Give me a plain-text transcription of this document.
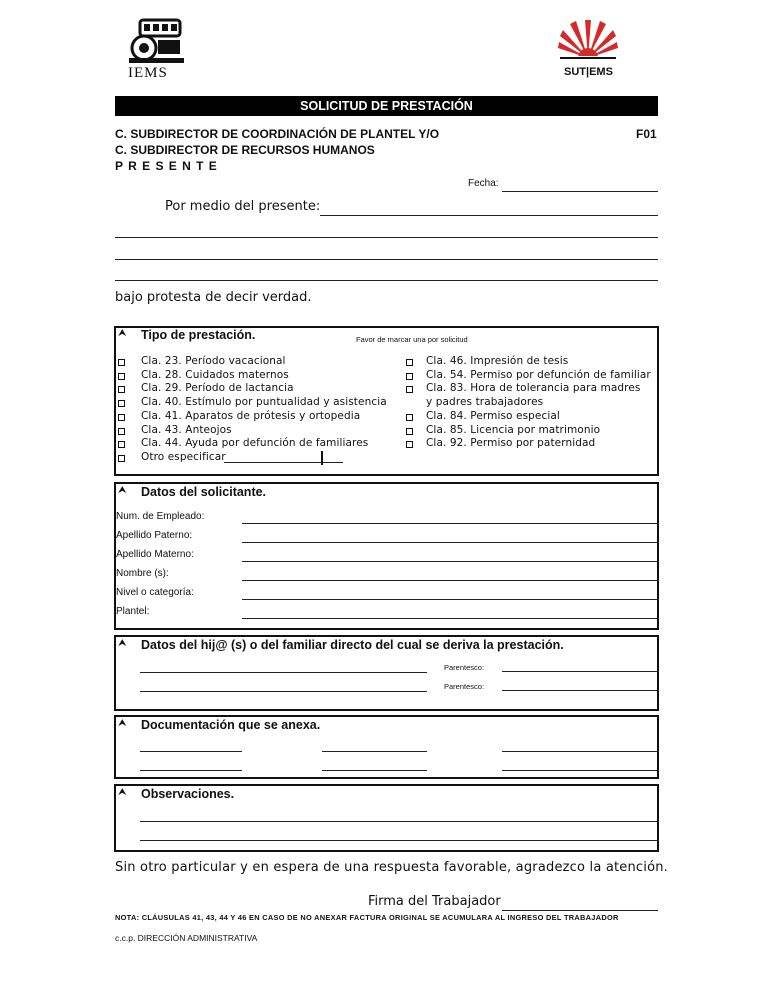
IEMS	SUT|EMS
SOLICITUD DE PRESTACIÓN
C. SUBDIRECTOR DE COORDINACIÓN DE PLANTEL Y/O	F01
C. SUBDIRECTOR DE RECURSOS HUMANOS
P R E S E N T E
Fecha:
Por medio del presente:
bajo protesta de decir verdad.
⮝ Tipo de prestación.	Favor de marcar una por solicitud
Cla. 23. Período vacacional
Cla. 28. Cuidados maternos
Cla. 29. Período de lactancia
Cla. 40. Estímulo por puntualidad y asistencia
Cla. 41. Aparatos de prótesis y ortopedia
Cla. 43. Anteojos
Cla. 44. Ayuda por defunción de familiares
Otro especificar
Cla. 46. Impresión de tesis
Cla. 54. Permiso por defunción de familiar
Cla. 83. Hora de tolerancia para madres
y padres trabajadores
Cla. 84. Permiso especial
Cla. 85. Licencia por matrimonio
Cla. 92. Permiso por paternidad
⮝ Datos del solicitante.
Num. de Empleado:
Apellido Paterno:
Apellido Materno:
Nombre (s):
Nivel o categoría:
Plantel:
⮝ Datos del hij@ (s) o del familiar directo del cual se deriva la prestación.
Parentesco:
Parentesco:
⮝ Documentación que se anexa.
⮝ Observaciones.
Sin otro particular y en espera de una respuesta favorable, agradezco la atención.
Firma del Trabajador
NOTA: CLÁUSULAS 41, 43, 44 Y 46 EN CASO DE NO ANEXAR FACTURA ORIGINAL SE ACUMULARA AL INGRESO DEL TRABAJADOR
c.c.p. DIRECCIÓN ADMINISTRATIVA
